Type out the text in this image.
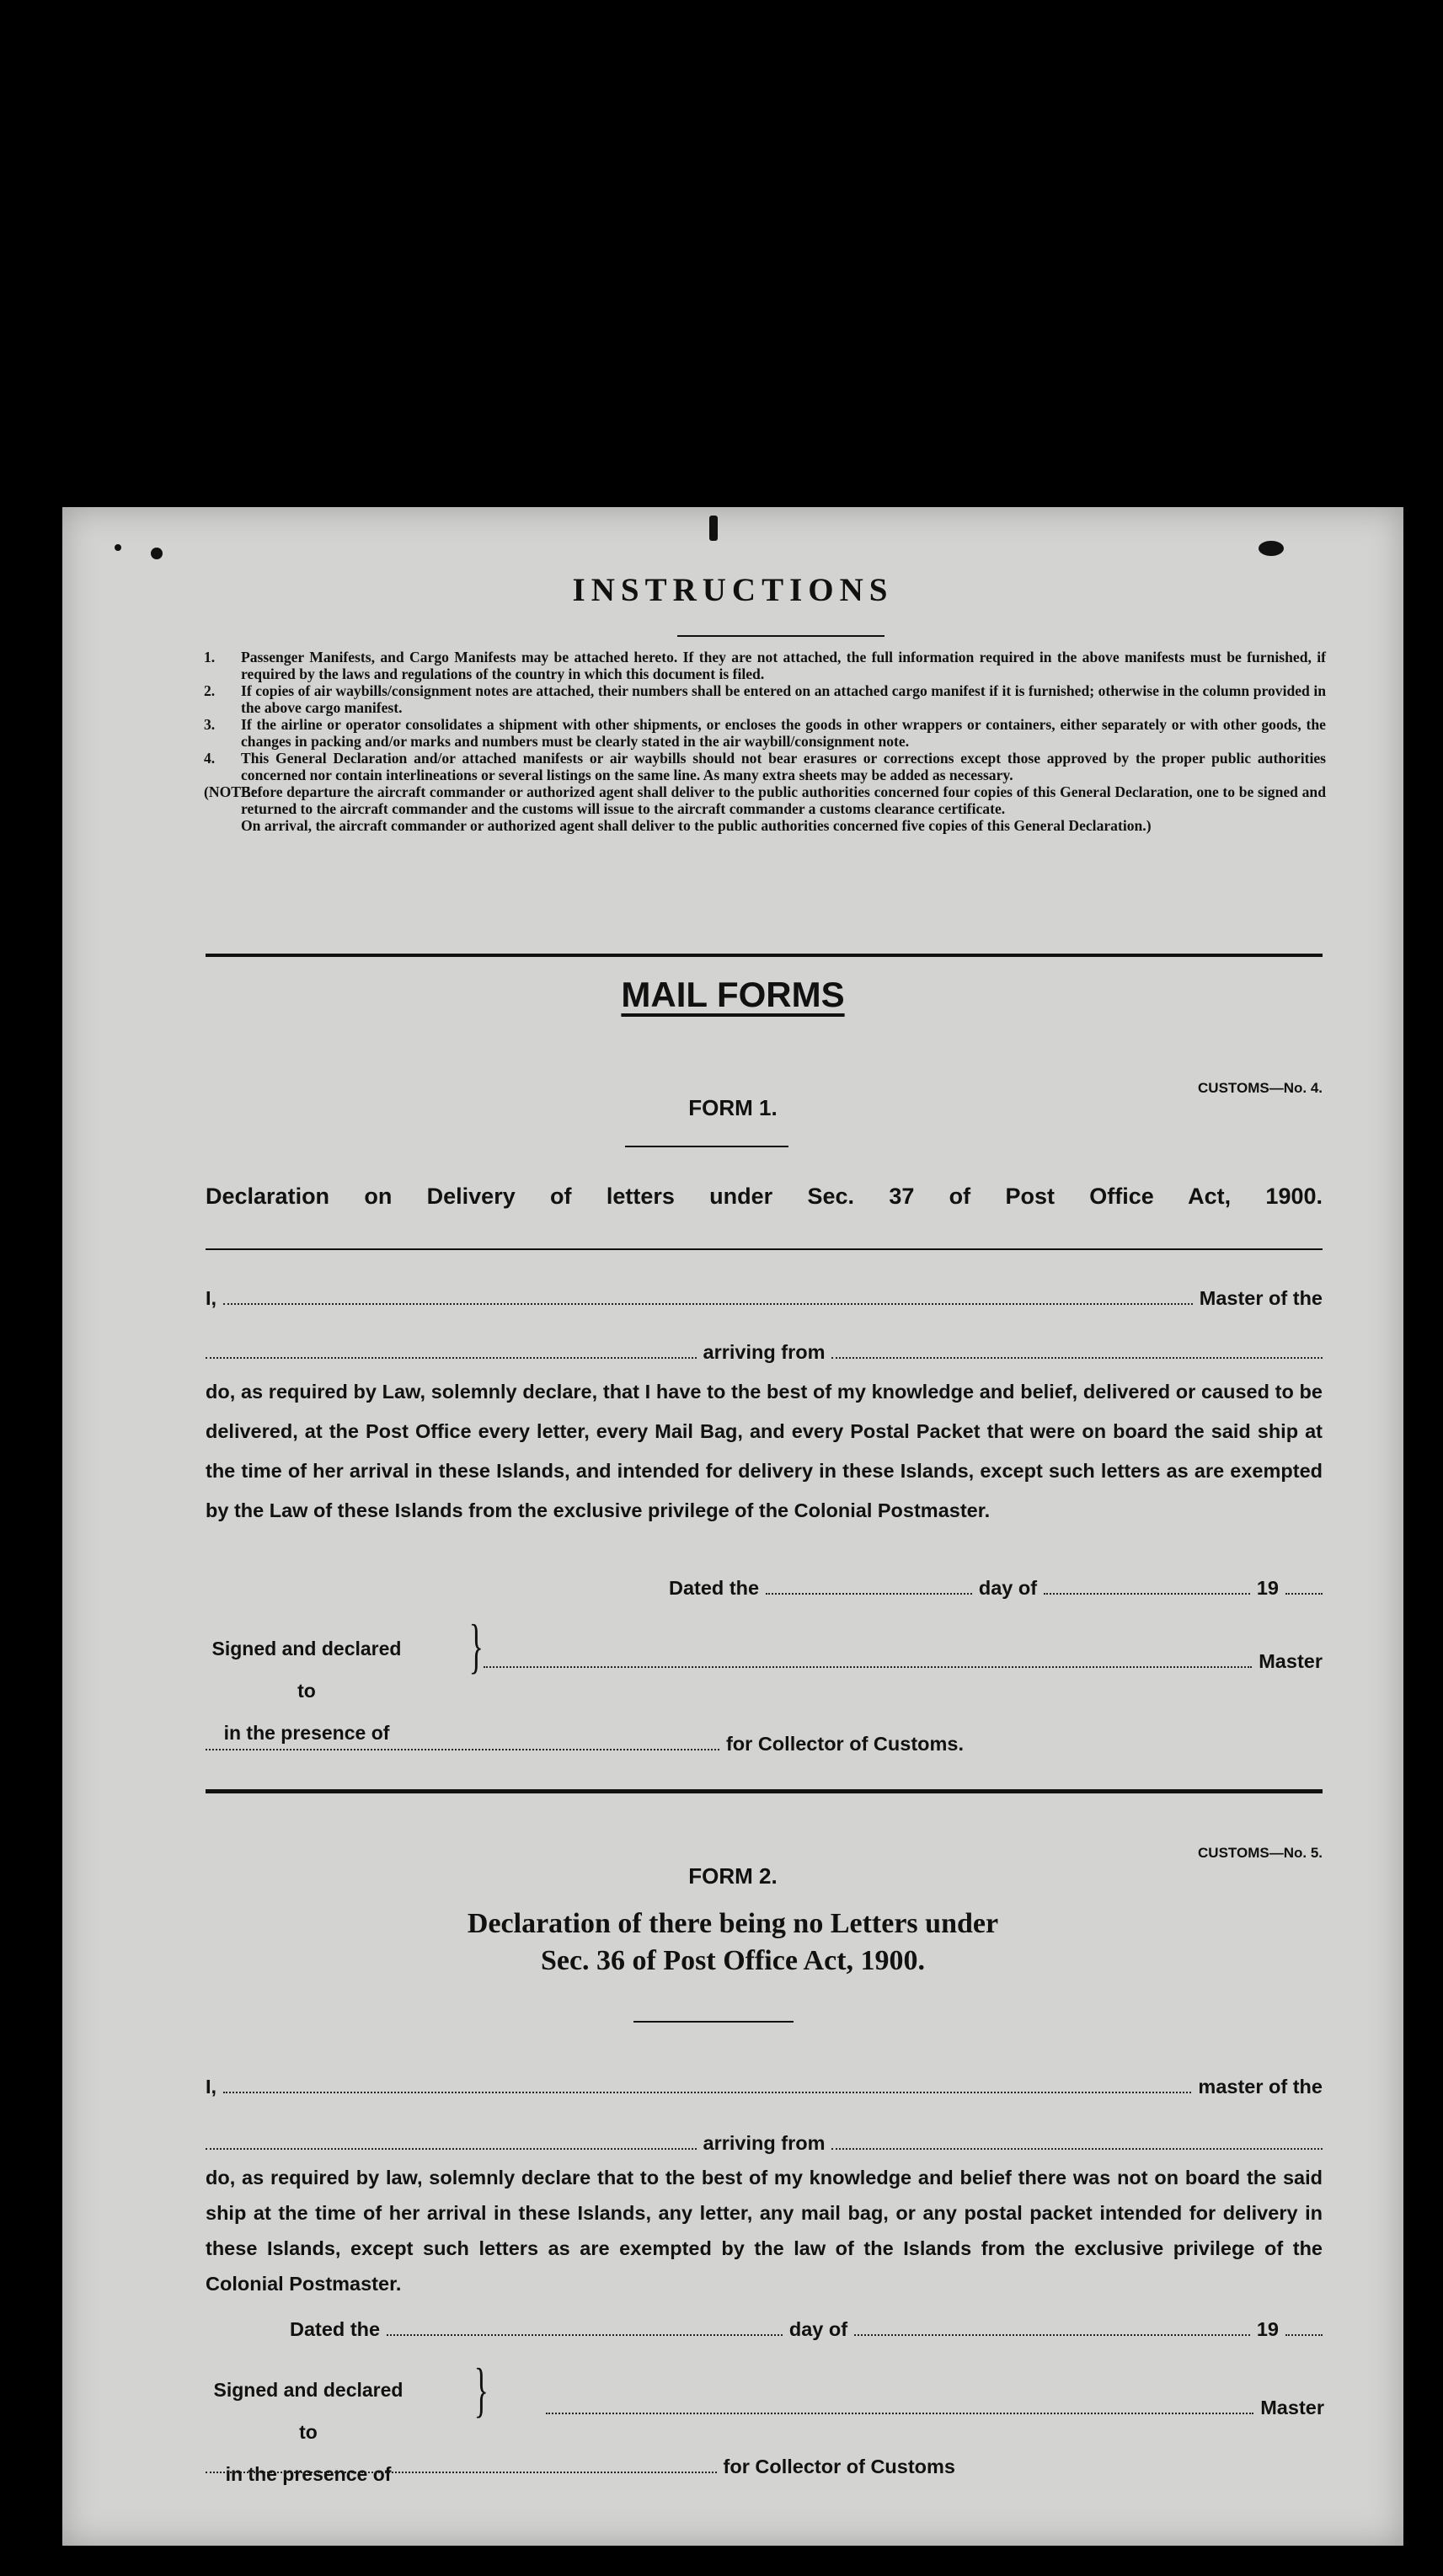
INSTRUCTIONS
1.	Passenger Manifests, and Cargo Manifests may be attached hereto. If they are not attached, the full information required in the above manifests must be furnished, if required by the laws and regulations of the country in which this document is filed.
2.	If copies of air waybills/consignment notes are attached, their numbers shall be entered on an attached cargo manifest if it is furnished; otherwise in the column provided in the above cargo manifest.
3.	If the airline or operator consolidates a shipment with other shipments, or encloses the goods in other wrappers or containers, either separately or with other goods, the changes in packing and/or marks and numbers must be clearly stated in the air waybill/consignment note.
4.	This General Declaration and/or attached manifests or air waybills should not bear erasures or corrections except those approved by the proper public authorities concerned nor contain interlineations or several listings on the same line. As many extra sheets may be added as necessary.
(NOTE:
Before departure the aircraft commander or authorized agent shall deliver to the public authorities concerned four copies of this General Declaration, one to be signed and returned to the aircraft commander and the customs will issue to the aircraft commander a customs clearance certificate.
On arrival, the aircraft commander or authorized agent shall deliver to the public authorities concerned five copies of this General Declaration.)
MAIL FORMS
CUSTOMS—No. 4.
FORM 1.
Declaration on Delivery of letters under Sec. 37 of Post Office Act, 1900.
I,	Master of the
arriving from
do, as required by Law, solemnly declare, that I have to the best of my knowledge and belief, delivered or caused to be delivered, at the Post Office every letter, every Mail Bag, and every Postal Packet that were on board the said ship at the time of her arrival in these Islands, and intended for delivery in these Islands, except such letters as are exempted by the Law of these Islands from the exclusive privilege of the Colonial Postmaster.
Dated the	day of	19
Signed and declared to
in the presence of
}	Master
for Collector of Customs.
CUSTOMS—No. 5.
FORM 2.
Declaration of there being no Letters under
Sec. 36 of Post Office Act, 1900.
I,	master of the
arriving from
do, as required by law, solemnly declare that to the best of my knowledge and belief there was not on board the said ship at the time of her arrival in these Islands, any letter, any mail bag, or any postal packet intended for delivery in these Islands, except such letters as are exempted by the law of the Islands from the exclusive privilege of the Colonial Postmaster.
Dated the	day of	19
Signed and declared to
in the presence of
}	Master
for Collector of Customs
